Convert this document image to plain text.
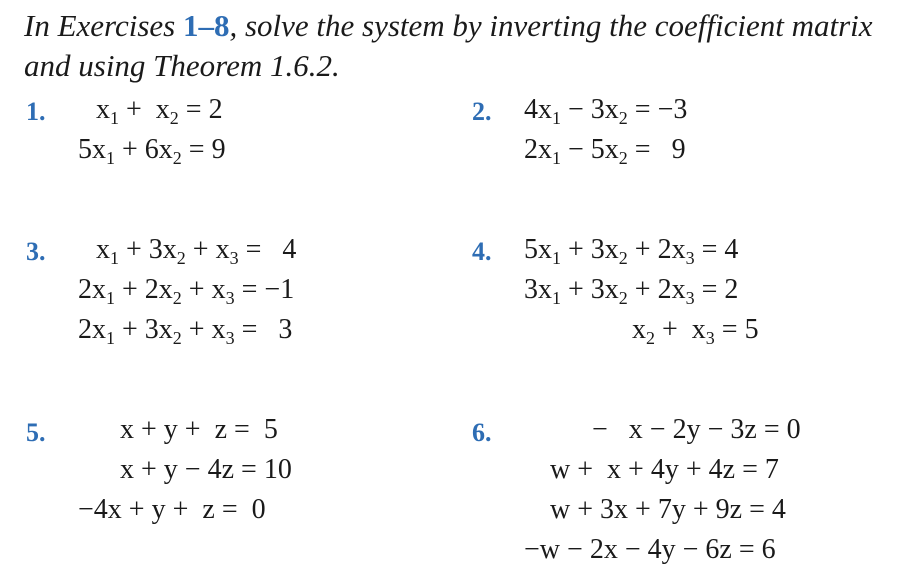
In Exercises 1–8, solve the system by inverting the coefficient matrix
and using Theorem 1.6.2.
1. $x_1 + x_2 = 2$
$5x_1 + 6x_2 = 9$
2. $4x_1 - 3x_2 = -3$
$2x_1 - 5x_2 = 9$
3. $x_1 + 3x_2 + x_3 = 4$
$2x_1 + 2x_2 + x_3 = -1$
$2x_1 + 3x_2 + x_3 = 3$
4. $5x_1 + 3x_2 + 2x_3 = 4$
$3x_1 + 3x_2 + 2x_3 = 2$
$x_2 + x_3 = 5$
5.	x + y + z = 5
x + y − 4z = 10
−4x + y + z = 0
6.	− x − 2y − 3z = 0
w + x + 4y + 4z = 7
w + 3x + 7y + 9z = 4
−w − 2x − 4y − 6z = 6
